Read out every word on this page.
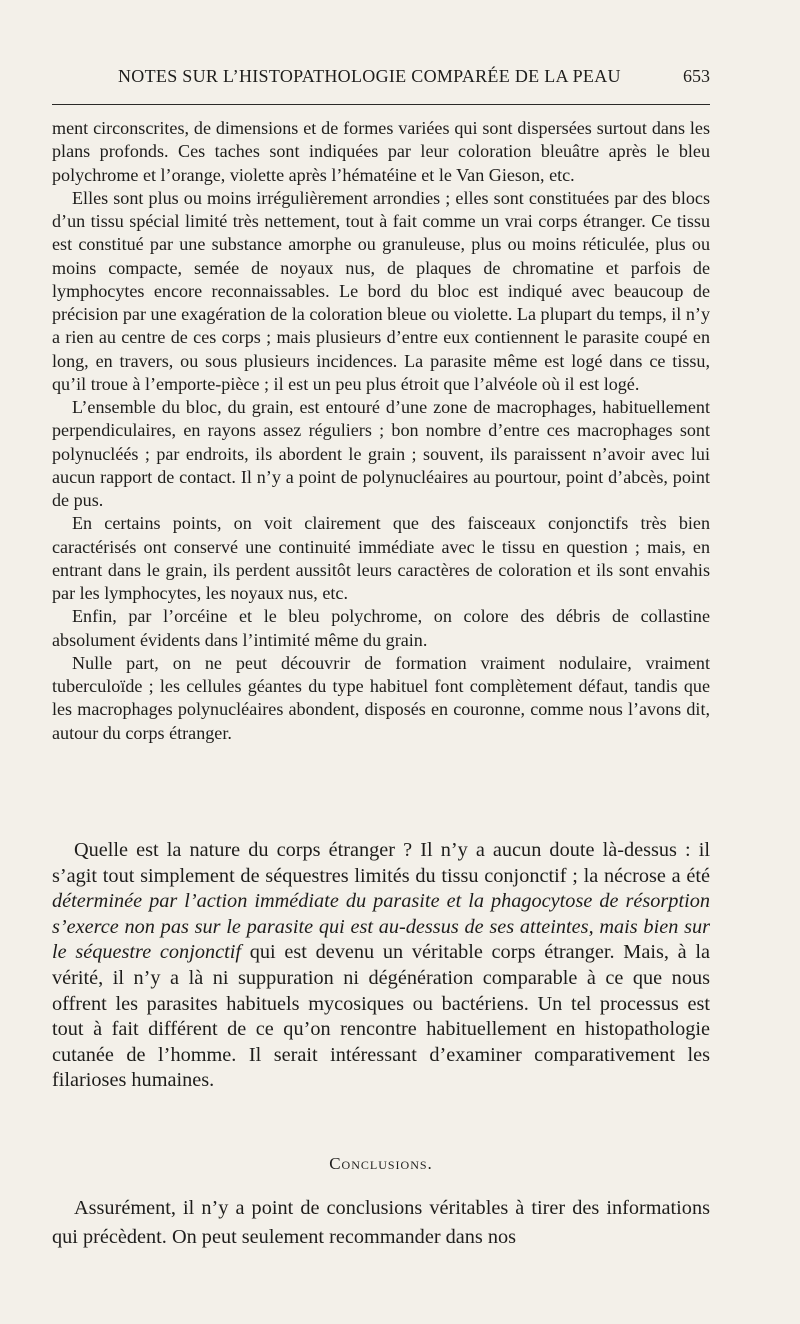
NOTES SUR L’HISTOPATHOLOGIE COMPARÉE DE LA PEAU	653

ment circonscrites, de dimensions et de formes variées qui sont dispersées surtout dans les plans profonds. Ces taches sont indiquées par leur coloration bleuâtre après le bleu polychrome et l’orange, violette après l’hématéine et le Van Gieson, etc.

Elles sont plus ou moins irrégulièrement arrondies ; elles sont constituées par des blocs d’un tissu spécial limité très nettement, tout à fait comme un vrai corps étranger. Ce tissu est constitué par une substance amorphe ou granuleuse, plus ou moins réticulée, plus ou moins compacte, semée de noyaux nus, de plaques de chromatine et parfois de lymphocytes encore reconnaissables. Le bord du bloc est indiqué avec beaucoup de précision par une exagération de la coloration bleue ou violette. La plupart du temps, il n’y a rien au centre de ces corps ; mais plusieurs d’entre eux contiennent le parasite coupé en long, en travers, ou sous plusieurs incidences. La parasite même est logé dans ce tissu, qu’il troue à l’emporte-pièce ; il est un peu plus étroit que l’alvéole où il est logé.

L’ensemble du bloc, du grain, est entouré d’une zone de macrophages, habituellement perpendiculaires, en rayons assez réguliers ; bon nombre d’entre ces macrophages sont polynucléés ; par endroits, ils abordent le grain ; souvent, ils paraissent n’avoir avec lui aucun rapport de contact. Il n’y a point de polynucléaires au pourtour, point d’abcès, point de pus.

En certains points, on voit clairement que des faisceaux conjonctifs très bien caractérisés ont conservé une continuité immédiate avec le tissu en question ; mais, en entrant dans le grain, ils perdent aussitôt leurs caractères de coloration et ils sont envahis par les lymphocytes, les noyaux nus, etc.

Enfin, par l’orcéine et le bleu polychrome, on colore des débris de collastine absolument évidents dans l’intimité même du grain.

Nulle part, on ne peut découvrir de formation vraiment nodulaire, vraiment tuberculoïde ; les cellules géantes du type habituel font complètement défaut, tandis que les macrophages polynucléaires abondent, disposés en couronne, comme nous l’avons dit, autour du corps étranger.

Quelle est la nature du corps étranger ? Il n’y a aucun doute là-dessus : il s’agit tout simplement de séquestres limités du tissu conjonctif ; la nécrose a été déterminée par l’action immédiate du parasite et la phagocytose de résorption s’exerce non pas sur le parasite qui est au-dessus de ses atteintes, mais bien sur le séquestre conjonctif qui est devenu un véritable corps étranger. Mais, à la vérité, il n’y a là ni suppuration ni dégénération comparable à ce que nous offrent les parasites habituels mycosiques ou bactériens. Un tel processus est tout à fait différent de ce qu’on rencontre habituellement en histopathologie cutanée de l’homme. Il serait intéressant d’examiner comparativement les filarioses humaines.

Conclusions.

Assurément, il n’y a point de conclusions véritables à tirer des informations qui précèdent. On peut seulement recommander dans nos
